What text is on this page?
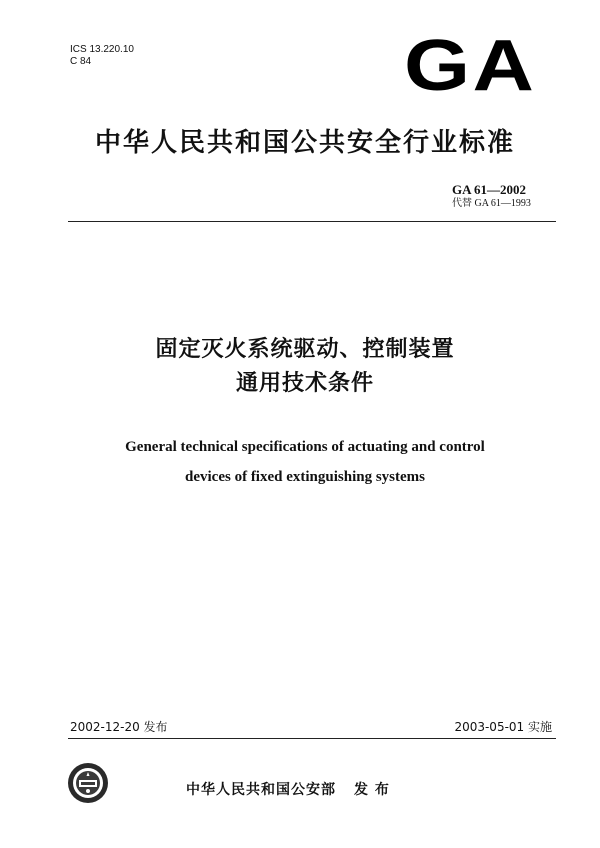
ICS 13.220.10
C 84	GA
中华人民共和国公共安全行业标准
GA 61—2002
代替 GA 61—1993
固定灭火系统驱动、控制装置
通用技术条件
General technical specifications of actuating and control
devices of fixed extinguishing systems
2002-12-20 发布	2003-05-01 实施
中华人民共和国公安部 发 布
